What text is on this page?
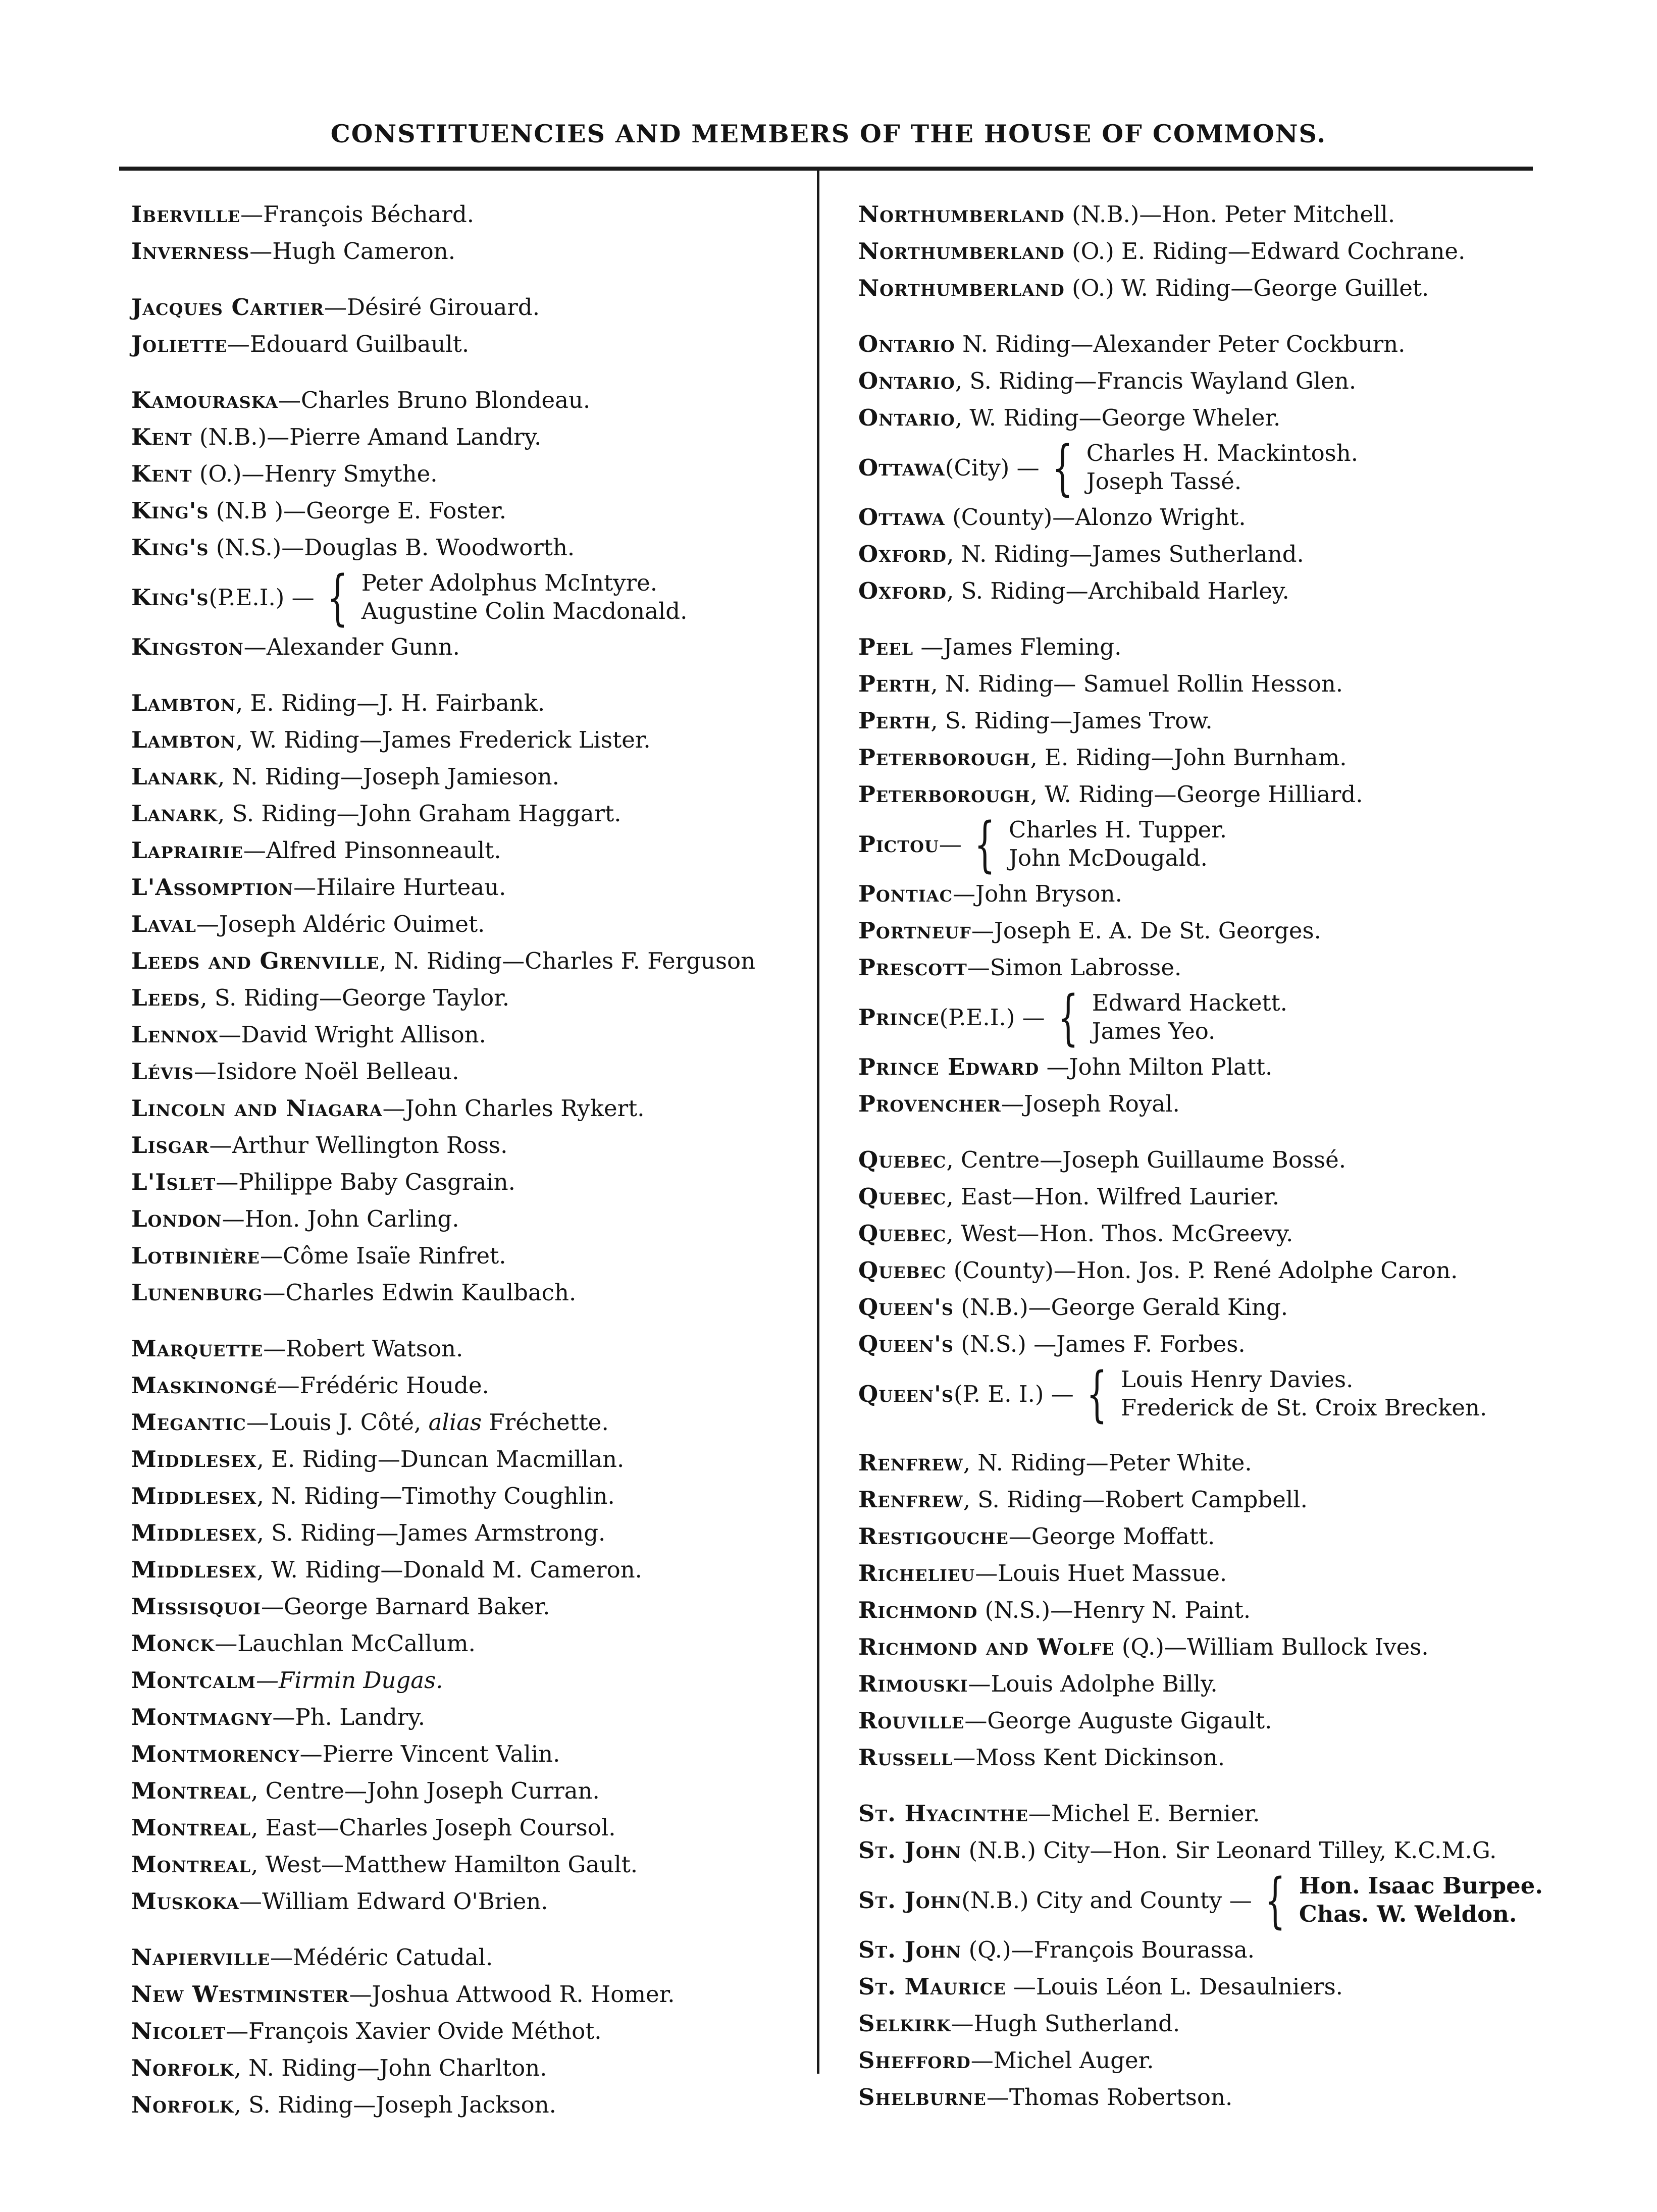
CONSTITUENCIES AND MEMBERS OF THE HOUSE OF COMMONS.
Iberville—François Béchard.
Inverness—Hugh Cameron.
Jacques Cartier—Désiré Girouard.
Joliette—Edouard Guilbault.
Kamouraska—Charles Bruno Blondeau.
Kent (N.B.)—Pierre Amand Landry.
Kent (O.)—Henry Smythe.
King's (N.B )—George E. Foster.
King's (N.S.)—Douglas B. Woodworth.
King's (P.E.I.) — { Peter Adolphus McIntyre.
Augustine Colin Macdonald.
Kingston—Alexander Gunn.
Lambton, E. Riding—J. H. Fairbank.
Lambton, W. Riding—James Frederick Lister.
Lanark, N. Riding—Joseph Jamieson.
Lanark, S. Riding—John Graham Haggart.
Laprairie—Alfred Pinsonneault.
L'Assomption—Hilaire Hurteau.
Laval—Joseph Aldéric Ouimet.
Leeds and Grenville, N. Riding—Charles F. Ferguson
Leeds, S. Riding—George Taylor.
Lennox—David Wright Allison.
Lévis—Isidore Noël Belleau.
Lincoln and Niagara—John Charles Rykert.
Lisgar—Arthur Wellington Ross.
L'Islet—Philippe Baby Casgrain.
London—Hon. John Carling.
Lotbinière—Côme Isaïe Rinfret.
Lunenburg—Charles Edwin Kaulbach.
Marquette—Robert Watson.
Maskinongé—Frédéric Houde.
Megantic—Louis J. Côté, alias Fréchette.
Middlesex, E. Riding—Duncan Macmillan.
Middlesex, N. Riding—Timothy Coughlin.
Middlesex, S. Riding—James Armstrong.
Middlesex, W. Riding—Donald M. Cameron.
Missisquoi—George Barnard Baker.
Monck—Lauchlan McCallum.
Montcalm—Firmin Dugas.
Montmagny—Ph. Landry.
Montmorency—Pierre Vincent Valin.
Montreal, Centre—John Joseph Curran.
Montreal, East—Charles Joseph Coursol.
Montreal, West—Matthew Hamilton Gault.
Muskoka—William Edward O'Brien.
Napierville—Médéric Catudal.
New Westminster—Joshua Attwood R. Homer.
Nicolet—François Xavier Ovide Méthot.
Norfolk, N. Riding—John Charlton.
Norfolk, S. Riding—Joseph Jackson.
Northumberland (N.B.)—Hon. Peter Mitchell.
Northumberland (O.) E. Riding—Edward Cochrane.
Northumberland (O.) W. Riding—George Guillet.
Ontario N. Riding—Alexander Peter Cockburn.
Ontario, S. Riding—Francis Wayland Glen.
Ontario, W. Riding—George Wheler.
Ottawa (City) — { Charles H. Mackintosh.
Joseph Tassé.
Ottawa (County)—Alonzo Wright.
Oxford, N. Riding—James Sutherland.
Oxford, S. Riding—Archibald Harley.
Peel —James Fleming.
Perth, N. Riding— Samuel Rollin Hesson.
Perth, S. Riding—James Trow.
Peterborough, E. Riding—John Burnham.
Peterborough, W. Riding—George Hilliard.
Pictou — { Charles H. Tupper.
John McDougald.
Pontiac—John Bryson.
Portneuf—Joseph E. A. De St. Georges.
Prescott—Simon Labrosse.
Prince (P.E.I.) — { Edward Hackett.
James Yeo.
Prince Edward —John Milton Platt.
Provencher—Joseph Royal.
Quebec, Centre—Joseph Guillaume Bossé.
Quebec, East—Hon. Wilfred Laurier.
Quebec, West—Hon. Thos. McGreevy.
Quebec (County)—Hon. Jos. P. René Adolphe Caron.
Queen's (N.B.)—George Gerald King.
Queen's (N.S.) —James F. Forbes.
Queen's (P. E. I.) — { Louis Henry Davies.
Frederick de St. Croix Brecken.
Renfrew, N. Riding—Peter White.
Renfrew, S. Riding—Robert Campbell.
Restigouche—George Moffatt.
Richelieu—Louis Huet Massue.
Richmond (N.S.)—Henry N. Paint.
Richmond and Wolfe (Q.)—William Bullock Ives.
Rimouski—Louis Adolphe Billy.
Rouville—George Auguste Gigault.
Russell—Moss Kent Dickinson.
St. Hyacinthe—Michel E. Bernier.
St. John (N.B.) City—Hon. Sir Leonard Tilley, K.C.M.G.
St. John (N.B.) City and County — { Hon. Isaac Burpee.
Chas. W. Weldon.
St. John (Q.)—François Bourassa.
St. Maurice —Louis Léon L. Desaulniers.
Selkirk—Hugh Sutherland.
Shefford—Michel Auger.
Shelburne—Thomas Robertson.
